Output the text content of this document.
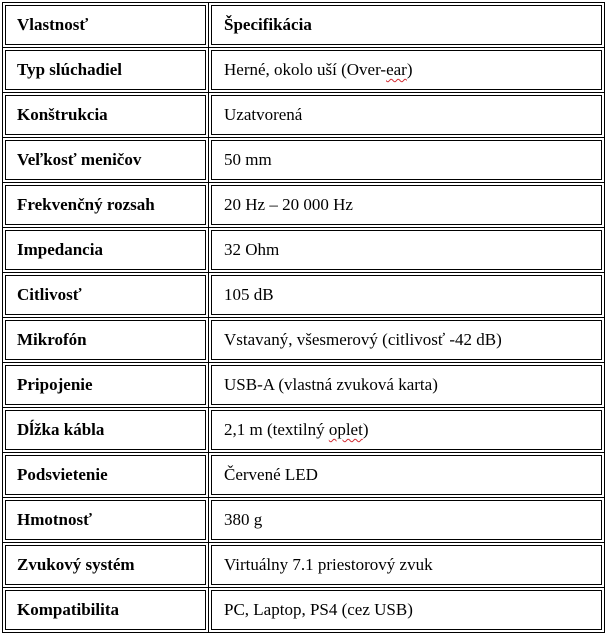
Vlastnosť	Špecifikácia

Typ slúchadiel	Herné, okolo uší (Over-ear)

Konštrukcia	Uzatvorená

Veľkosť meničov	50 mm

Frekvenčný rozsah	20 Hz – 20 000 Hz

Impedancia	32 Ohm

Citlivosť	105 dB

Mikrofón	Vstavaný, všesmerový (citlivosť -42 dB)

Pripojenie	USB-A (vlastná zvuková karta)

Dĺžka kábla	2,1 m (textilný oplet)

Podsvietenie	Červené LED

Hmotnosť	380 g

Zvukový systém	Virtuálny 7.1 priestorový zvuk

Kompatibilita	PC, Laptop, PS4 (cez USB)
